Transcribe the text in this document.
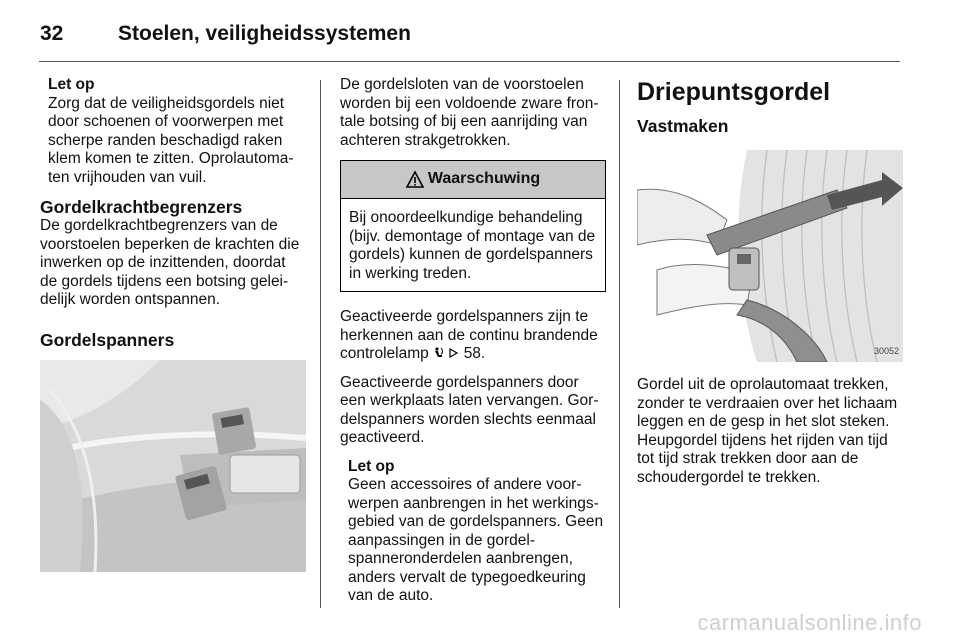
32	Stoelen, veiligheidssystemen
Let op

Zorg dat de veiligheidsgordels niet door schoenen of voorwerpen met scherpe randen beschadigd raken klem komen te zitten. Oprolautomaten vrijhouden van vuil.

Gordelkrachtbegrenzers

De gordelkrachtbegrenzers van de voorstoelen beperken de krachten die inwerken op de inzittenden, doordat de gordels tijdens een botsing geleidelijk worden ontspannen.

Gordelspanners

De gordelsloten van de voorstoelen worden bij een voldoende zware frontale botsing of bij een aanrijding van achteren strakgetrokken.

Waarschuwing
Bij onoordeelkundige behandeling (bijv. demontage of montage van de gordels) kunnen de gordelspanners in werking treden.

Geactiveerde gordelspanners zijn te herkennen aan de continu brandende controlelamp 58.

Geactiveerde gordelspanners door een werkplaats laten vervangen. Gordelspanners worden slechts eenmaal geactiveerd.

Let op

Geen accessoires of andere voorwerpen aanbrengen in het werkingsgebied van de gordelspanners. Geen aanpassingen in de gordelspanneronderdelen aanbrengen, anders vervalt de typegoedkeuring van de auto.

Driepuntsgordel
Vastmaken
30052

Gordel uit de oprolautomaat trekken, zonder te verdraaien over het lichaam leggen en de gesp in het slot steken. Heupgordel tijdens het rijden van tijd tot tijd strak trekken door aan de schoudergordel te trekken.

carmanualsonline.info
